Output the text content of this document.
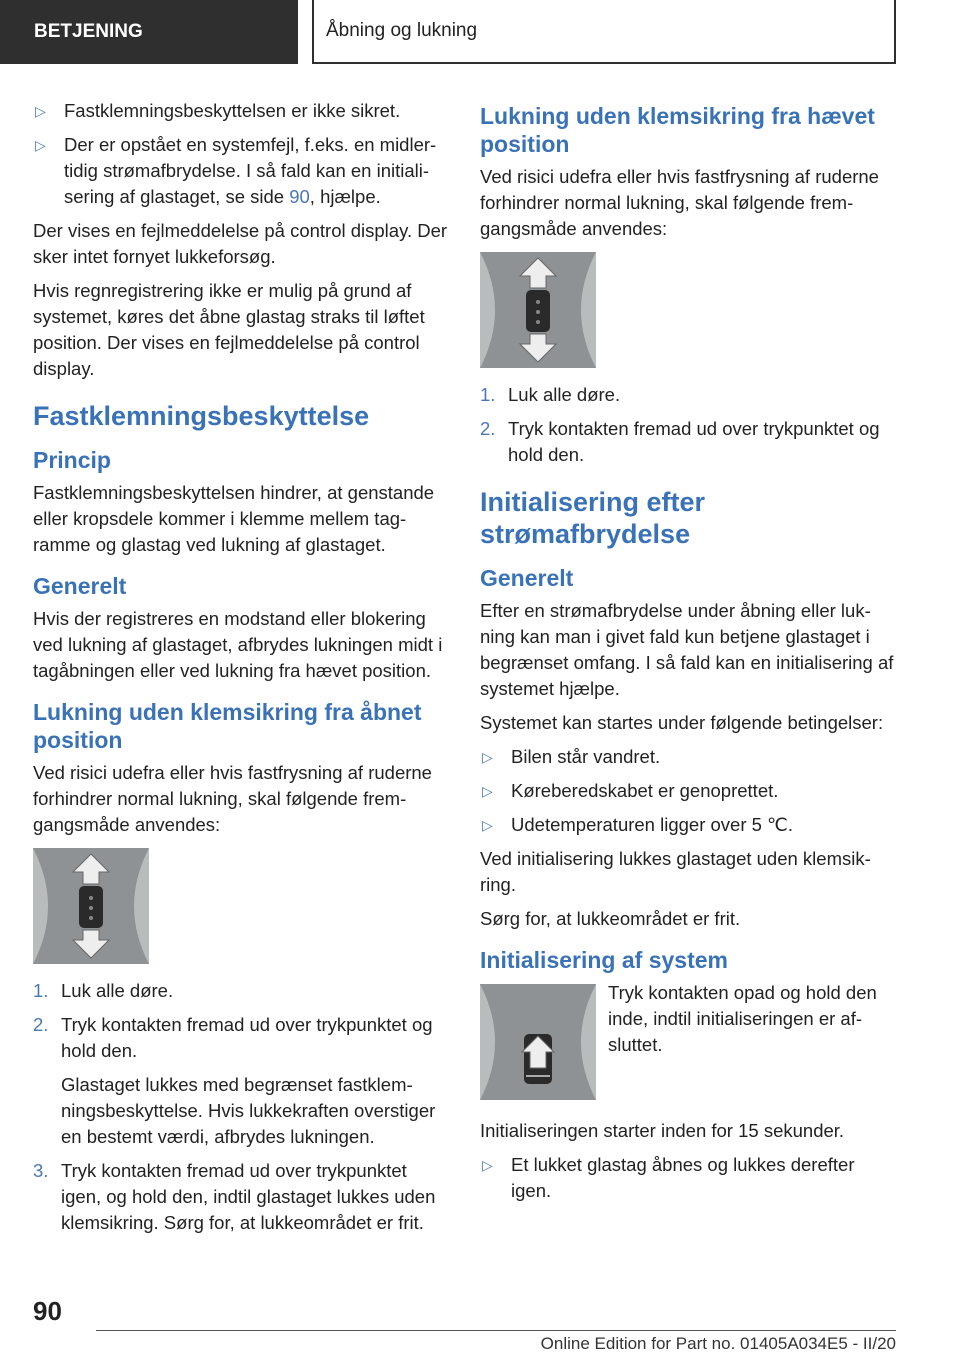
BETJENING	Åbning og lukning
▷ Fastklemningsbeskyttelsen er ikke sikret.
▷ Der er opstået en systemfejl, f.eks. en midlertidig strømafbrydelse. I så fald kan en initialisering af glastaget, se side 90, hjælpe.

Der vises en fejlmeddelelse på control display. Der sker intet fornyet lukkeforsøg.

Hvis regnregistrering ikke er mulig på grund af systemet, køres det åbne glastag straks til løftet position. Der vises en fejlmeddelelse på control display.

Fastklemningsbeskyttelse
Princip

Fastklemningsbeskyttelsen hindrer, at genstande eller kropsdele kommer i klemme mellem tagramme og glastag ved lukning af glastaget.

Generelt

Hvis der registreres en modstand eller blokering ved lukning af glastaget, afbrydes lukningen midt i tagåbningen eller ved lukning fra hævet position.

Lukning uden klemsikring fra åbnet position

Ved risici udefra eller hvis fastfrysning af ruderne forhindrer normal lukning, skal følgende fremgangsmåde anvendes:

1. Luk alle døre.
2. Tryk kontakten fremad ud over trykpunktet og hold den.
Glastaget lukkes med begrænset fastklemningsbeskyttelse. Hvis lukkekraften overstiger en bestemt værdi, afbrydes lukningen.
3. Tryk kontakten fremad ud over trykpunktet igen, og hold den, indtil glastaget lukkes uden klemsikring. Sørg for, at lukkeområdet er frit.
Lukning uden klemsikring fra hævet position

Ved risici udefra eller hvis fastfrysning af ruderne forhindrer normal lukning, skal følgende fremgangsmåde anvendes:

1. Luk alle døre.
2. Tryk kontakten fremad ud over trykpunktet og hold den.
Initialisering efter strømafbrydelse
Generelt

Efter en strømafbrydelse under åbning eller lukning kan man i givet fald kun betjene glastaget i begrænset omfang. I så fald kan en initialisering af systemet hjælpe.

Systemet kan startes under følgende betingelser:

▷ Bilen står vandret.
▷ Køreberedskabet er genoprettet.
▷ Udetemperaturen ligger over 5 ℃.

Ved initialisering lukkes glastaget uden klemsikring.

Sørg for, at lukkeområdet er frit.

Initialisering af system
Tryk kontakten opad og hold den inde, indtil initialiseringen er afsluttet.

Initialiseringen starter inden for 15 sekunder.

▷ Et lukket glastag åbnes og lukkes derefter igen.
90
Online Edition for Part no. 01405A034E5 - II/20
